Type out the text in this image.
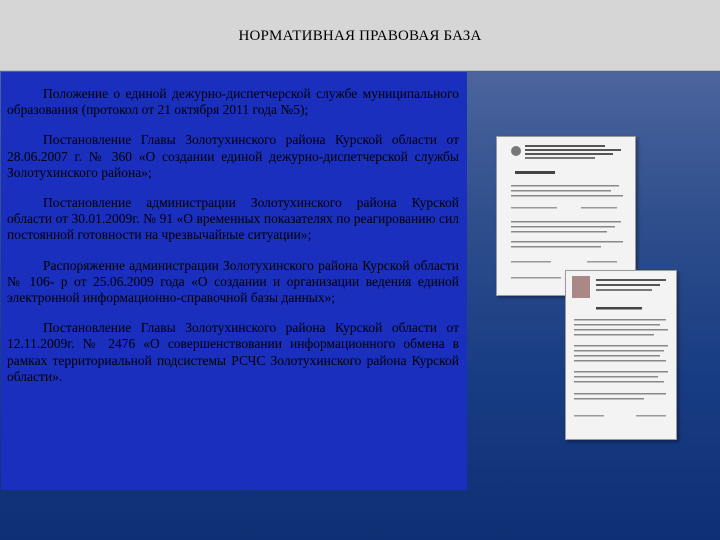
НОРМАТИВНАЯ ПРАВОВАЯ БАЗА

Положение о единой дежурно-диспетчерской службе муниципального образования (протокол от 21 октября 2011 года №5);

Постановление Главы Золотухинского района Курской области от 28.06.2007 г. № 360 «О создании единой дежурно-диспетчерской службы Золотухинского района»;

Постановление администрации Золотухинского района Курской области от 30.01.2009г. № 91 «О временных показателях по реагированию сил постоянной готовности на чрезвычайные ситуации»;

Распоряжение администрации Золотухинского района Курской области № 106- р от 25.06.2009 года «О создании и организации ведения единой электронной информационно-справочной базы данных»;

Постановление Главы Золотухинского района Курской области от 12.11.2009г. № 2476 «О совершенствовании информационного обмена в рамках территориальной подсистемы РСЧС Золотухинского района Курской области».
